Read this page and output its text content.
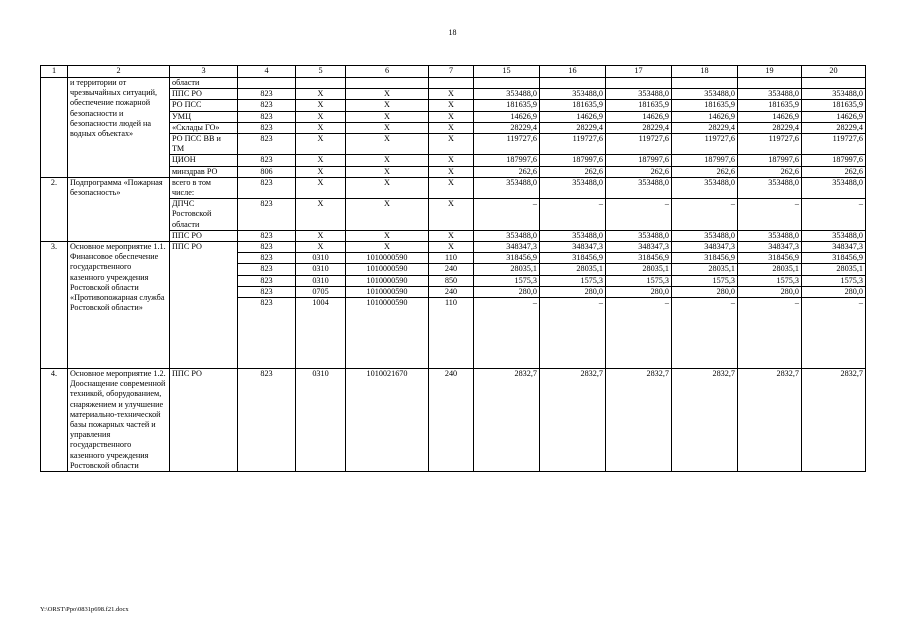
18
1	2	3	4	5	6	7	15	16	17	18	19	20
	и территории от чрезвычайных ситуаций, обеспечение пожарной безопасности и безопасности людей на водных объектах»	области										
		ППС РО	823	Х	Х	Х	353488,0	353488,0	353488,0	353488,0	353488,0	353488,0
		РО ПСС	823	Х	Х	Х	181635,9	181635,9	181635,9	181635,9	181635,9	181635,9
		УМЦ	823	Х	Х	Х	14626,9	14626,9	14626,9	14626,9	14626,9	14626,9
		«Склады ГО»	823	Х	Х	Х	28229,4	28229,4	28229,4	28229,4	28229,4	28229,4
		РО ПСС ВВ и ТМ	823	Х	Х	Х	119727,6	119727,6	119727,6	119727,6	119727,6	119727,6
		ЦИОН	823	Х	Х	Х	187997,6	187997,6	187997,6	187997,6	187997,6	187997,6
		минздрав РО	806	Х	Х	Х	262,6	262,6	262,6	262,6	262,6	262,6
2.	Подпрограмма «Пожарная безопасность»	всего в том числе:	823	Х	Х	Х	353488,0	353488,0	353488,0	353488,0	353488,0	353488,0
		ДПЧС Ростовской области	823	Х	Х	Х	–	–	–	–	–	–
		ППС РО	823	Х	Х	Х	353488,0	353488,0	353488,0	353488,0	353488,0	353488,0
3.	Основное мероприятие 1.1. Финансовое обеспечение государственного казенного учреждения Ростовской области «Противопожарная служба Ростовской области»	ППС РО	823	Х	Х	Х	348347,3	348347,3	348347,3	348347,3	348347,3	348347,3
			823	0310	1010000590	110	318456,9	318456,9	318456,9	318456,9	318456,9	318456,9
			823	0310	1010000590	240	28035,1	28035,1	28035,1	28035,1	28035,1	28035,1
			823	0310	1010000590	850	1575,3	1575,3	1575,3	1575,3	1575,3	1575,3
			823	0705	1010000590	240	280,0	280,0	280,0	280,0	280,0	280,0
			823	1004	1010000590	110	–	–	–	–	–	–
4.	Основное мероприятие 1.2. Дооснащение современной техникой, оборудованием, снаряжением и улучшение материально-технической базы пожарных частей и управления государственного казенного учреждения Ростовской области	ППС РО	823	0310	1010021670	240	2832,7	2832,7	2832,7	2832,7	2832,7	2832,7
Y:\ORST\Ppo\0831p698.f21.docx
